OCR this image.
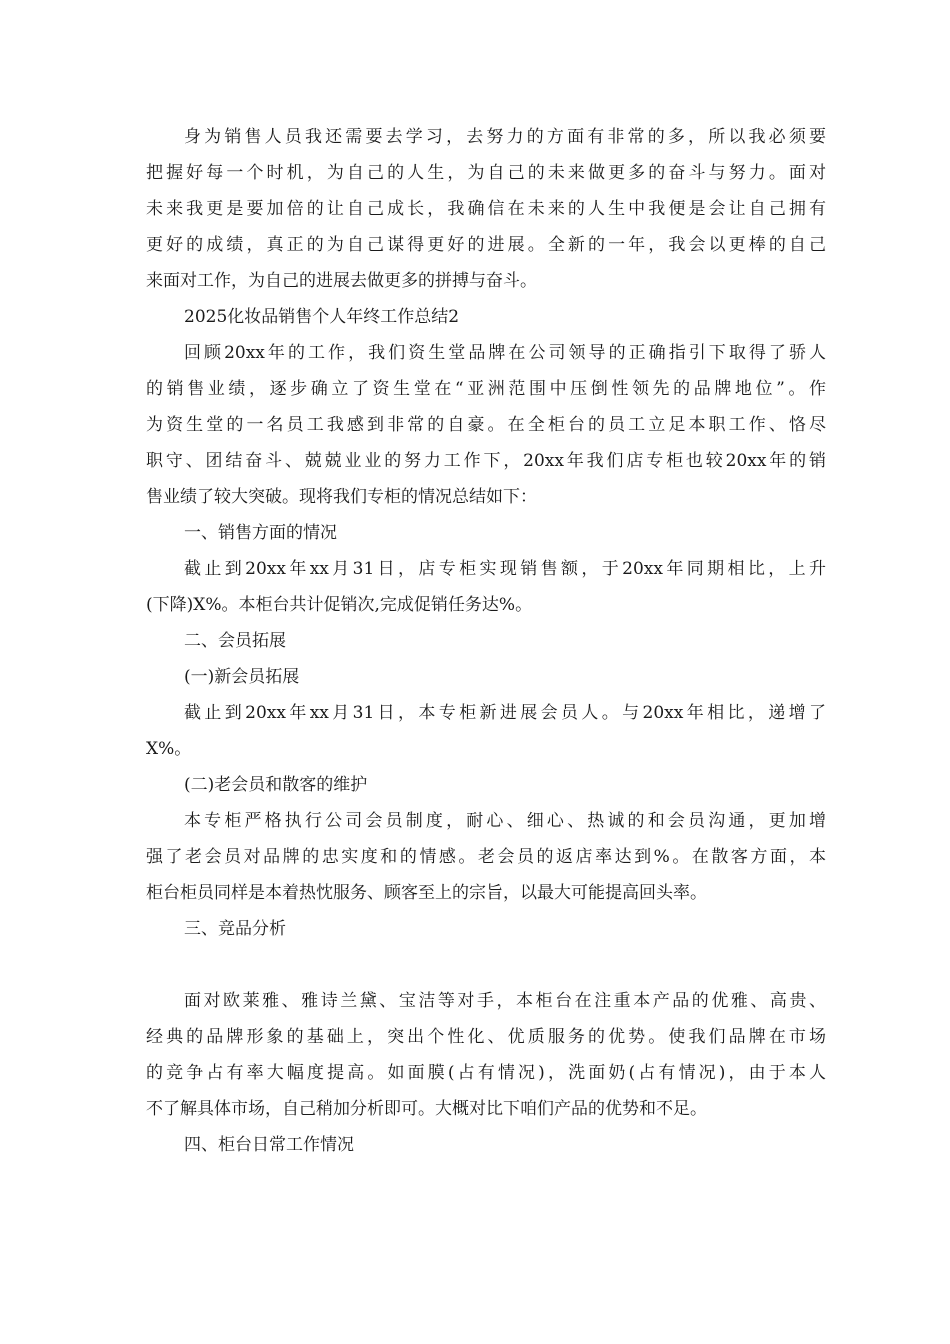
身为销售人员我还需要去学习，去努力的方面有非常的多，所以我必须要
把握好每一个时机，为自己的人生，为自己的未来做更多的奋斗与努力。面对
未来我更是要加倍的让自己成长，我确信在未来的人生中我便是会让自己拥有
更好的成绩，真正的为自己谋得更好的进展。全新的一年，我会以更棒的自己
来面对工作，为自己的进展去做更多的拼搏与奋斗。
2025化妆品销售个人年终工作总结2
回顾20xx年的工作，我们资生堂品牌在公司领导的正确指引下取得了骄人
的销售业绩，逐步确立了资生堂在“亚洲范围中压倒性领先的品牌地位”。作
为资生堂的一名员工我感到非常的自豪。在全柜台的员工立足本职工作、恪尽
职守、团结奋斗、兢兢业业的努力工作下，20xx年我们店专柜也较20xx年的销
售业绩了较大突破。现将我们专柜的情况总结如下：
一、销售方面的情况
截止到20xx年xx月31日，店专柜实现销售额，于20xx年同期相比，上升
(下降)X%。本柜台共计促销次,完成促销任务达%。
二、会员拓展
(一)新会员拓展
截止到20xx年xx月31日，本专柜新进展会员人。与20xx年相比，递增了
X%。
(二)老会员和散客的维护
本专柜严格执行公司会员制度，耐心、细心、热诚的和会员沟通，更加增
强了老会员对品牌的忠实度和的情感。老会员的返店率达到%。在散客方面，本
柜台柜员同样是本着热忱服务、顾客至上的宗旨，以最大可能提高回头率。
三、竞品分析
面对欧莱雅、雅诗兰黛、宝洁等对手，本柜台在注重本产品的优雅、高贵、
经典的品牌形象的基础上，突出个性化、优质服务的优势。使我们品牌在市场
的竞争占有率大幅度提高。如面膜(占有情况)，洗面奶(占有情况)，由于本人
不了解具体市场，自己稍加分析即可。大概对比下咱们产品的优势和不足。
四、柜台日常工作情况
